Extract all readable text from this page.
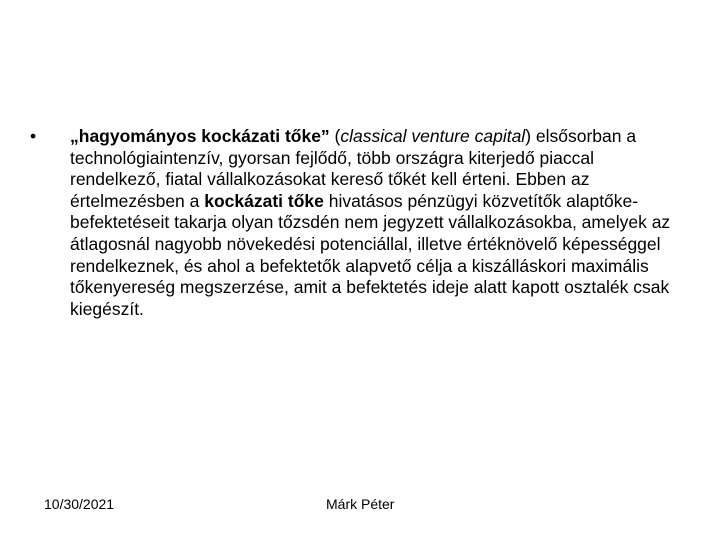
•	„hagyományos kockázati tőke” (classical venture capital) elsősorban a technológiaintenzív, gyorsan fejlődő, több országra kiterjedő piaccal rendelkező, fiatal vállalkozásokat kereső tőkét kell érteni. Ebben az értelmezésben a kockázati tőke hivatásos pénzügyi közvetítők alaptőke-befektetéseit takarja olyan tőzsdén nem jegyzett vállalkozásokba, amelyek az átlagosnál nagyobb növekedési potenciállal, illetve értéknövelő képességgel rendelkeznek, és ahol a befektetők alapvető célja a kiszálláskori maximális tőkenyereség megszerzése, amit a befektetés ideje alatt kapott osztalék csak kiegészít.
10/30/2021	Márk Péter
